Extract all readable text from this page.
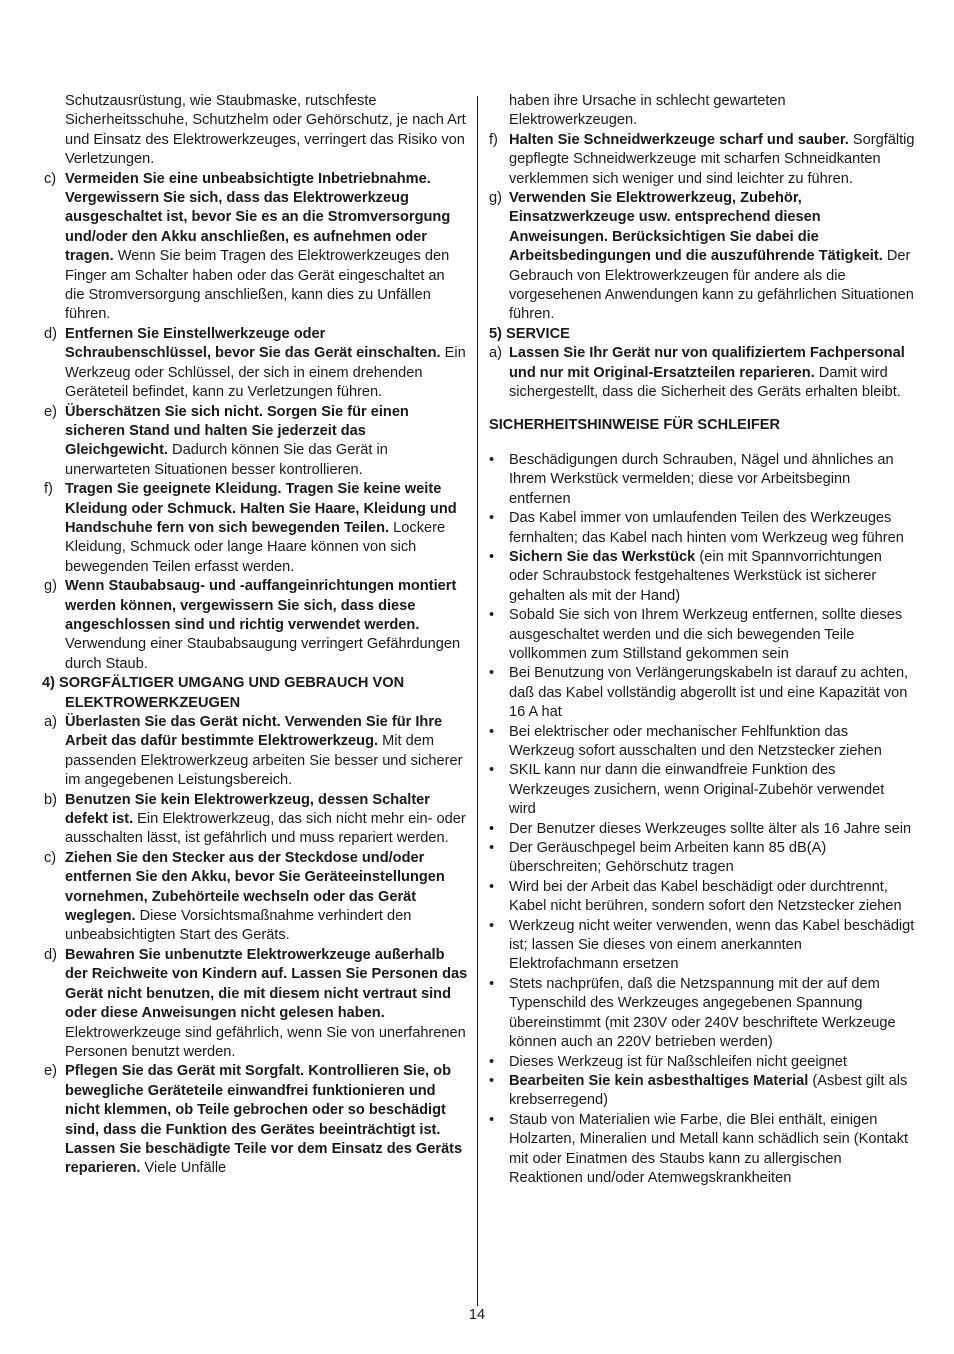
Schutzausrüstung, wie Staubmaske, rutschfeste Sicherheitsschuhe, Schutzhelm oder Gehörschutz, je nach Art und Einsatz des Elektrowerkzeuges, verringert das Risiko von Verletzungen.

c) Vermeiden Sie eine unbeabsichtigte Inbetriebnahme. Vergewissern Sie sich, dass das Elektrowerkzeug ausgeschaltet ist, bevor Sie es an die Stromversorgung und/oder den Akku anschließen, es aufnehmen oder tragen. Wenn Sie beim Tragen des Elektrowerkzeuges den Finger am Schalter haben oder das Gerät eingeschaltet an die Stromversorgung anschließen, kann dies zu Unfällen führen.

d) Entfernen Sie Einstellwerkzeuge oder Schraubenschlüssel, bevor Sie das Gerät einschalten. Ein Werkzeug oder Schlüssel, der sich in einem drehenden Geräteteil befindet, kann zu Verletzungen führen.

e) Überschätzen Sie sich nicht. Sorgen Sie für einen sicheren Stand und halten Sie jederzeit das Gleichgewicht. Dadurch können Sie das Gerät in unerwarteten Situationen besser kontrollieren.

f) Tragen Sie geeignete Kleidung. Tragen Sie keine weite Kleidung oder Schmuck. Halten Sie Haare, Kleidung und Handschuhe fern von sich bewegenden Teilen. Lockere Kleidung, Schmuck oder lange Haare können von sich bewegenden Teilen erfasst werden.

g) Wenn Staubabsaug- und -auffangeinrichtungen montiert werden können, vergewissern Sie sich, dass diese angeschlossen sind und richtig verwendet werden. Verwendung einer Staubabsaugung verringert Gefährdungen durch Staub.

4) SORGFÄLTIGER UMGANG UND GEBRAUCH VON ELEKTROWERKZEUGEN

a) Überlasten Sie das Gerät nicht. Verwenden Sie für Ihre Arbeit das dafür bestimmte Elektrowerkzeug. Mit dem passenden Elektrowerkzeug arbeiten Sie besser und sicherer im angegebenen Leistungsbereich.

b) Benutzen Sie kein Elektrowerkzeug, dessen Schalter defekt ist. Ein Elektrowerkzeug, das sich nicht mehr ein- oder ausschalten lässt, ist gefährlich und muss repariert werden.

c) Ziehen Sie den Stecker aus der Steckdose und/oder entfernen Sie den Akku, bevor Sie Geräteeinstellungen vornehmen, Zubehörteile wechseln oder das Gerät weglegen. Diese Vorsichtsmaßnahme verhindert den unbeabsichtigten Start des Geräts.

d) Bewahren Sie unbenutzte Elektrowerkzeuge außerhalb der Reichweite von Kindern auf. Lassen Sie Personen das Gerät nicht benutzen, die mit diesem nicht vertraut sind oder diese Anweisungen nicht gelesen haben. Elektrowerkzeuge sind gefährlich, wenn Sie von unerfahrenen Personen benutzt werden.

e) Pflegen Sie das Gerät mit Sorgfalt. Kontrollieren Sie, ob bewegliche Geräteteile einwandfrei funktionieren und nicht klemmen, ob Teile gebrochen oder so beschädigt sind, dass die Funktion des Gerätes beeinträchtigt ist. Lassen Sie beschädigte Teile vor dem Einsatz des Geräts reparieren. Viele Unfälle

haben ihre Ursache in schlecht gewarteten Elektrowerkzeugen.

f) Halten Sie Schneidwerkzeuge scharf und sauber. Sorgfältig gepflegte Schneidwerkzeuge mit scharfen Schneidkanten verklemmen sich weniger und sind leichter zu führen.

g) Verwenden Sie Elektrowerkzeug, Zubehör, Einsatzwerkzeuge usw. entsprechend diesen Anweisungen. Berücksichtigen Sie dabei die Arbeitsbedingungen und die auszuführende Tätigkeit. Der Gebrauch von Elektrowerkzeugen für andere als die vorgesehenen Anwendungen kann zu gefährlichen Situationen führen.

5) SERVICE

a) Lassen Sie Ihr Gerät nur von qualifiziertem Fachpersonal und nur mit Original-Ersatzteilen reparieren. Damit wird sichergestellt, dass die Sicherheit des Geräts erhalten bleibt.

SICHERHEITSHINWEISE FÜR SCHLEIFER

• Beschädigungen durch Schrauben, Nägel und ähnliches an Ihrem Werkstück vermelden; diese vor Arbeitsbeginn entfernen
• Das Kabel immer von umlaufenden Teilen des Werkzeuges fernhalten; das Kabel nach hinten vom Werkzeug weg führen
• Sichern Sie das Werkstück (ein mit Spannvorrichtungen oder Schraubstock festgehaltenes Werkstück ist sicherer gehalten als mit der Hand)
• Sobald Sie sich von Ihrem Werkzeug entfernen, sollte dieses ausgeschaltet werden und die sich bewegenden Teile vollkommen zum Stillstand gekommen sein
• Bei Benutzung von Verlängerungskabeln ist darauf zu achten, daß das Kabel vollständig abgerollt ist und eine Kapazität von 16 A hat
• Bei elektrischer oder mechanischer Fehlfunktion das Werkzeug sofort ausschalten und den Netzstecker ziehen
• SKIL kann nur dann die einwandfreie Funktion des Werkzeuges zusichern, wenn Original-Zubehör verwendet wird
• Der Benutzer dieses Werkzeuges sollte älter als 16 Jahre sein
• Der Geräuschpegel beim Arbeiten kann 85 dB(A) überschreiten; Gehörschutz tragen
• Wird bei der Arbeit das Kabel beschädigt oder durchtrennt, Kabel nicht berühren, sondern sofort den Netzstecker ziehen
• Werkzeug nicht weiter verwenden, wenn das Kabel beschädigt ist; lassen Sie dieses von einem anerkannten Elektrofachmann ersetzen
• Stets nachprüfen, daß die Netzspannung mit der auf dem Typenschild des Werkzeuges angegebenen Spannung übereinstimmt (mit 230V oder 240V beschriftete Werkzeuge können auch an 220V betrieben werden)
• Dieses Werkzeug ist für Naßschleifen nicht geeignet
• Bearbeiten Sie kein asbesthaltiges Material (Asbest gilt als krebserregend)
• Staub von Materialien wie Farbe, die Blei enthält, einigen Holzarten, Mineralien und Metall kann schädlich sein (Kontakt mit oder Einatmen des Staubs kann zu allergischen Reaktionen und/oder Atemwegskrankheiten
14
